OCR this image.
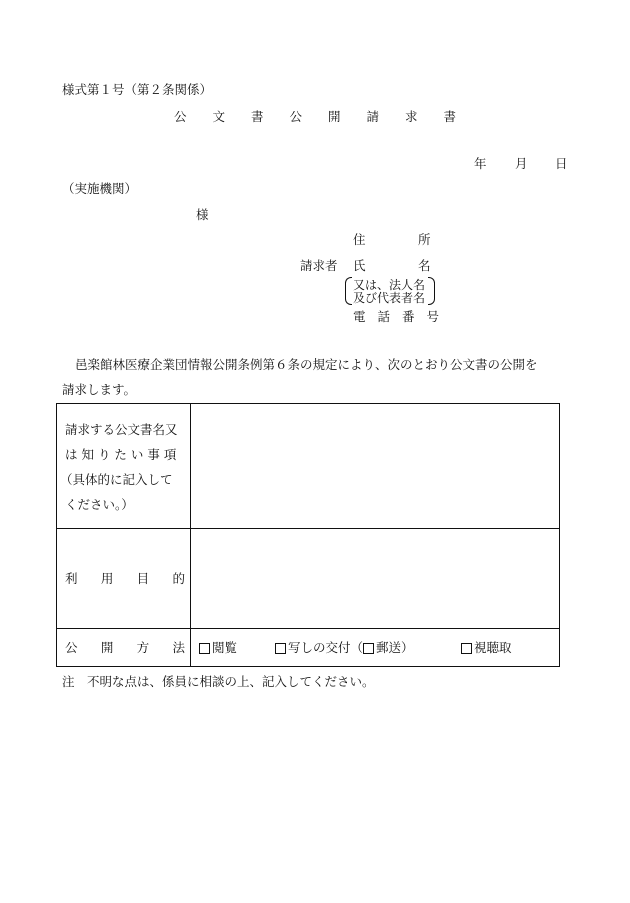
様式第１号（第２条関係）
公 文 書 公 開 請 求 書
年 月 日
（実施機関）
様
住	所
請求者 氏	名
又は、法人名
及び代表者名
電 話 番 号
邑楽館林医療企業団情報公開条例第６条の規定により、次のとおり公文書の公開を
請求します。
請求する公文書名又
は 知 り た い 事 項
（具体的に記入して
ください。）
利 用 目 的
公 開 方 法 閲覧	写しの交付（ 郵送）	視聴取
注　不明な点は、係員に相談の上、記入してください。
